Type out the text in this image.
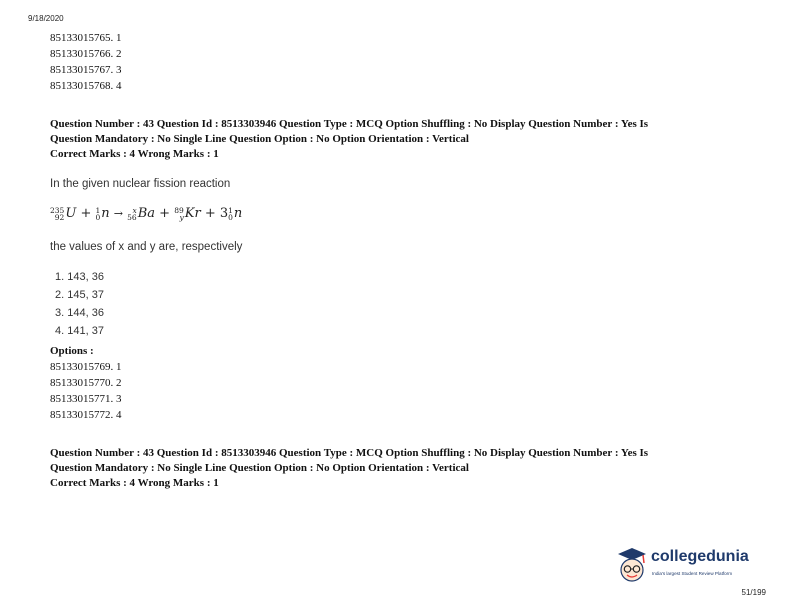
9/18/2020
85133015765. 1
85133015766. 2
85133015767. 3
85133015768. 4
Question Number : 43 Question Id : 8513303946 Question Type : MCQ Option Shuffling : No Display Question Number : Yes Is
Question Mandatory : No Single Line Question Option : No Option Orientation : Vertical
Correct Marks : 4 Wrong Marks : 1
In the given nuclear fission reaction
235
92 U + 1
0 n →	x
56 Ba + 89
y Kr + 3 1
0 n
the values of x and y are, respectively
1. 143, 36
2. 145, 37
3. 144, 36
4. 141, 37
Options :
85133015769. 1
85133015770. 2
85133015771. 3
85133015772. 4
Question Number : 43 Question Id : 8513303946 Question Type : MCQ Option Shuffling : No Display Question Number : Yes Is
Question Mandatory : No Single Line Question Option : No Option Orientation : Vertical
Correct Marks : 4 Wrong Marks : 1
collegedunia
India's largest Student Review Platform
51/199
